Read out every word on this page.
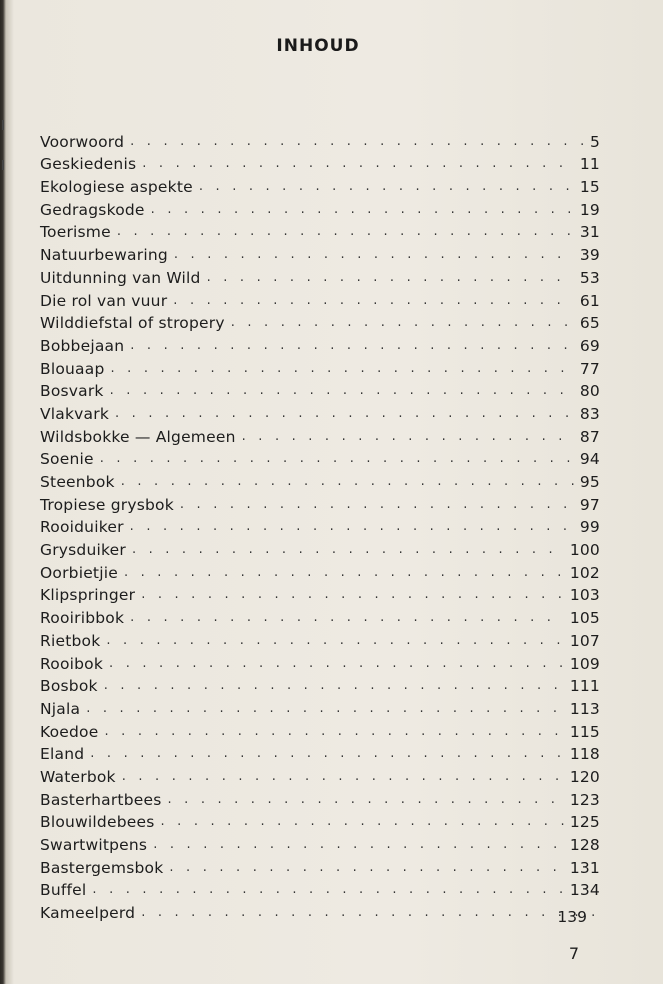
INHOUD
Voorwoord . . .	5
Geskiedenis . . .	11
Ekologiese aspekte . . .	15
Gedragskode . . .	19
Toerisme . . .	31
Natuurbewaring . . .	39
Uitdunning van Wild . . .	53
Die rol van vuur . . .	61
Wilddiefstal of stropery . . .	65
Bobbejaan . . .	69
Blouaap . . .	77
Bosvark . . .	80
Vlakvark . . .	83
Wildsbokke — Algemeen . . .	87
Soenie . . .	94
Steenbok . . .	95
Tropiese grysbok . . .	97
Rooiduiker . . .	99
Grysduiker . . .	100
Oorbietjie . . .	102
Klipspringer . . .	103
Rooiribbok . . .	105
Rietbok . . .	107
Rooibok . . .	109
Bosbok . . .	111
Njala . . .	113
Koedoe . . .	115
Eland . . .	118
Waterbok . . .	120
Basterhartbees . . .	123
Blouwildebees . . .	125
Swartwitpens . . .	128
Bastergemsbok . . .	131
Buffel . . .	134
Kameelperd . . .	139
7
